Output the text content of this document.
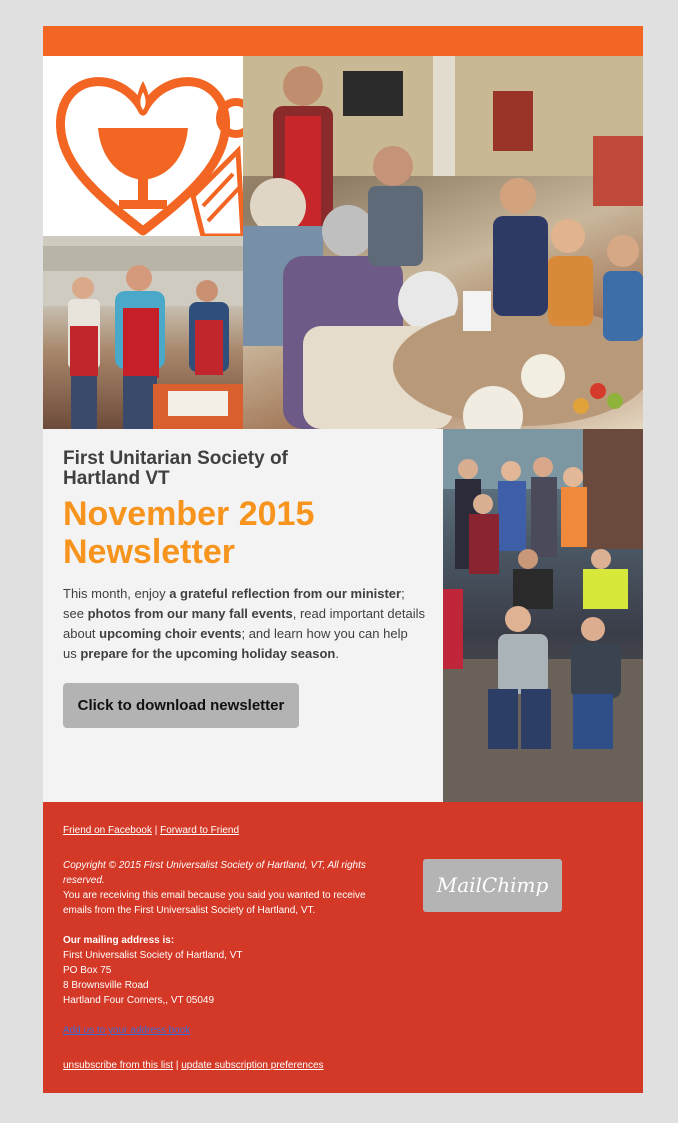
First Unitarian Society of Hartland VT
November 2015 Newsletter
This month, enjoy a grateful reflection from our minister; see photos from our many fall events, read important details about upcoming choir events; and learn how you can help us prepare for the upcoming holiday season.
Click to download newsletter
Friend on Facebook | Forward to Friend
Copyright © 2015 First Universalist Society of Hartland, VT, All rights reserved.
You are receiving this email because you said you wanted to receive emails from the First Universalist Society of Hartland, VT.
Our mailing address is:
First Universalist Society of Hartland, VT
PO Box 75
8 Brownsville Road
Hartland Four Corners,, VT 05049
Add us to your address book
unsubscribe from this list | update subscription preferences
MailChimp
